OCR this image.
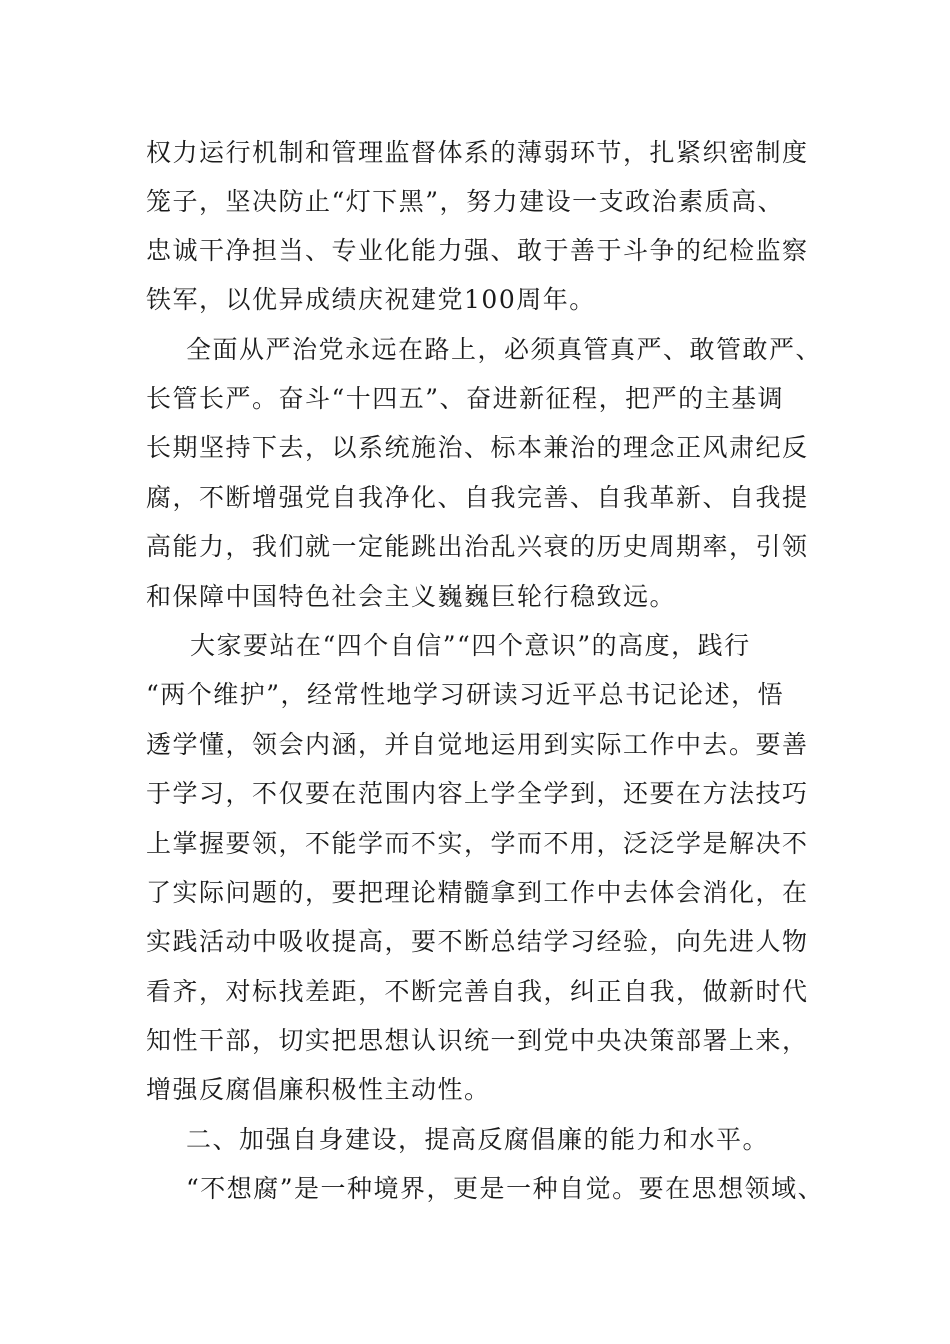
权力运行机制和管理监督体系的薄弱环节，扎紧织密制度
笼子，坚决防止“灯下黑”，努力建设一支政治素质高、
忠诚干净担当、专业化能力强、敢于善于斗争的纪检监察
铁军，以优异成绩庆祝建党100周年。
全面从严治党永远在路上，必须真管真严、敢管敢严、
长管长严。奋斗“十四五”、奋进新征程，把严的主基调
长期坚持下去，以系统施治、标本兼治的理念正风肃纪反
腐，不断增强党自我净化、自我完善、自我革新、自我提
高能力，我们就一定能跳出治乱兴衰的历史周期率，引领
和保障中国特色社会主义巍巍巨轮行稳致远。
大家要站在“四个自信”“四个意识”的高度，践行
“两个维护”，经常性地学习研读习近平总书记论述，悟
透学懂，领会内涵，并自觉地运用到实际工作中去。要善
于学习，不仅要在范围内容上学全学到，还要在方法技巧
上掌握要领，不能学而不实，学而不用，泛泛学是解决不
了实际问题的，要把理论精髓拿到工作中去体会消化，在
实践活动中吸收提高，要不断总结学习经验，向先进人物
看齐，对标找差距，不断完善自我，纠正自我，做新时代
知性干部，切实把思想认识统一到党中央决策部署上来，
增强反腐倡廉积极性主动性。
二、加强自身建设，提高反腐倡廉的能力和水平。
“不想腐”是一种境界，更是一种自觉。要在思想领域、
